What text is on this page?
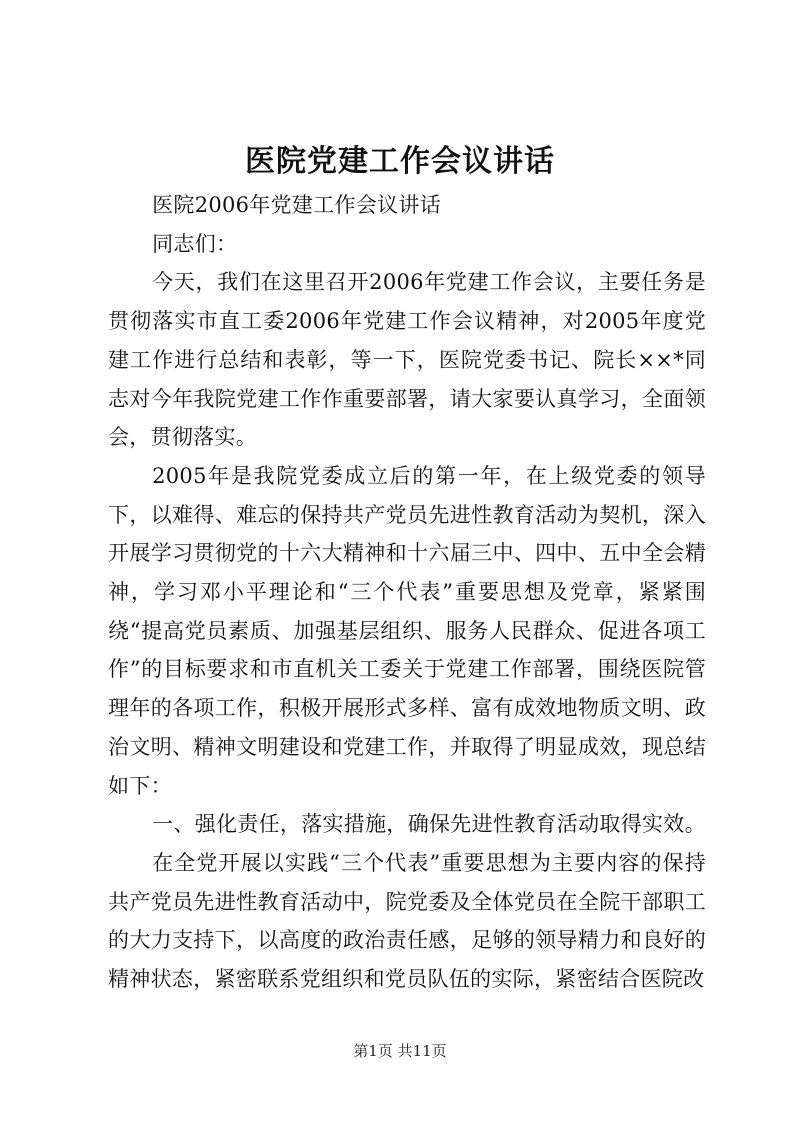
医院党建工作会议讲话

医院2006年党建工作会议讲话

同志们：

今天，我们在这里召开2006年党建工作会议，主要任务是贯彻落实市直工委2006年党建工作会议精神，对2005年度党建工作进行总结和表彰，等一下，医院党委书记、院长××*同志对今年我院党建工作作重要部署，请大家要认真学习，全面领会，贯彻落实。

2005年是我院党委成立后的第一年，在上级党委的领导下，以难得、难忘的保持共产党员先进性教育活动为契机，深入开展学习贯彻党的十六大精神和十六届三中、四中、五中全会精神，学习邓小平理论和“三个代表”重要思想及党章，紧紧围绕“提高党员素质、加强基层组织、服务人民群众、促进各项工作”的目标要求和市直机关工委关于党建工作部署，围绕医院管理年的各项工作，积极开展形式多样、富有成效地物质文明、政治文明、精神文明建设和党建工作，并取得了明显成效，现总结如下：

一、强化责任，落实措施，确保先进性教育活动取得实效。

在全党开展以实践“三个代表”重要思想为主要内容的保持共产党员先进性教育活动中，院党委及全体党员在全院干部职工的大力支持下，以高度的政治责任感，足够的领导精力和良好的精神状态，紧密联系党组织和党员队伍的实际，紧密结合医院改

第1页 共11页
